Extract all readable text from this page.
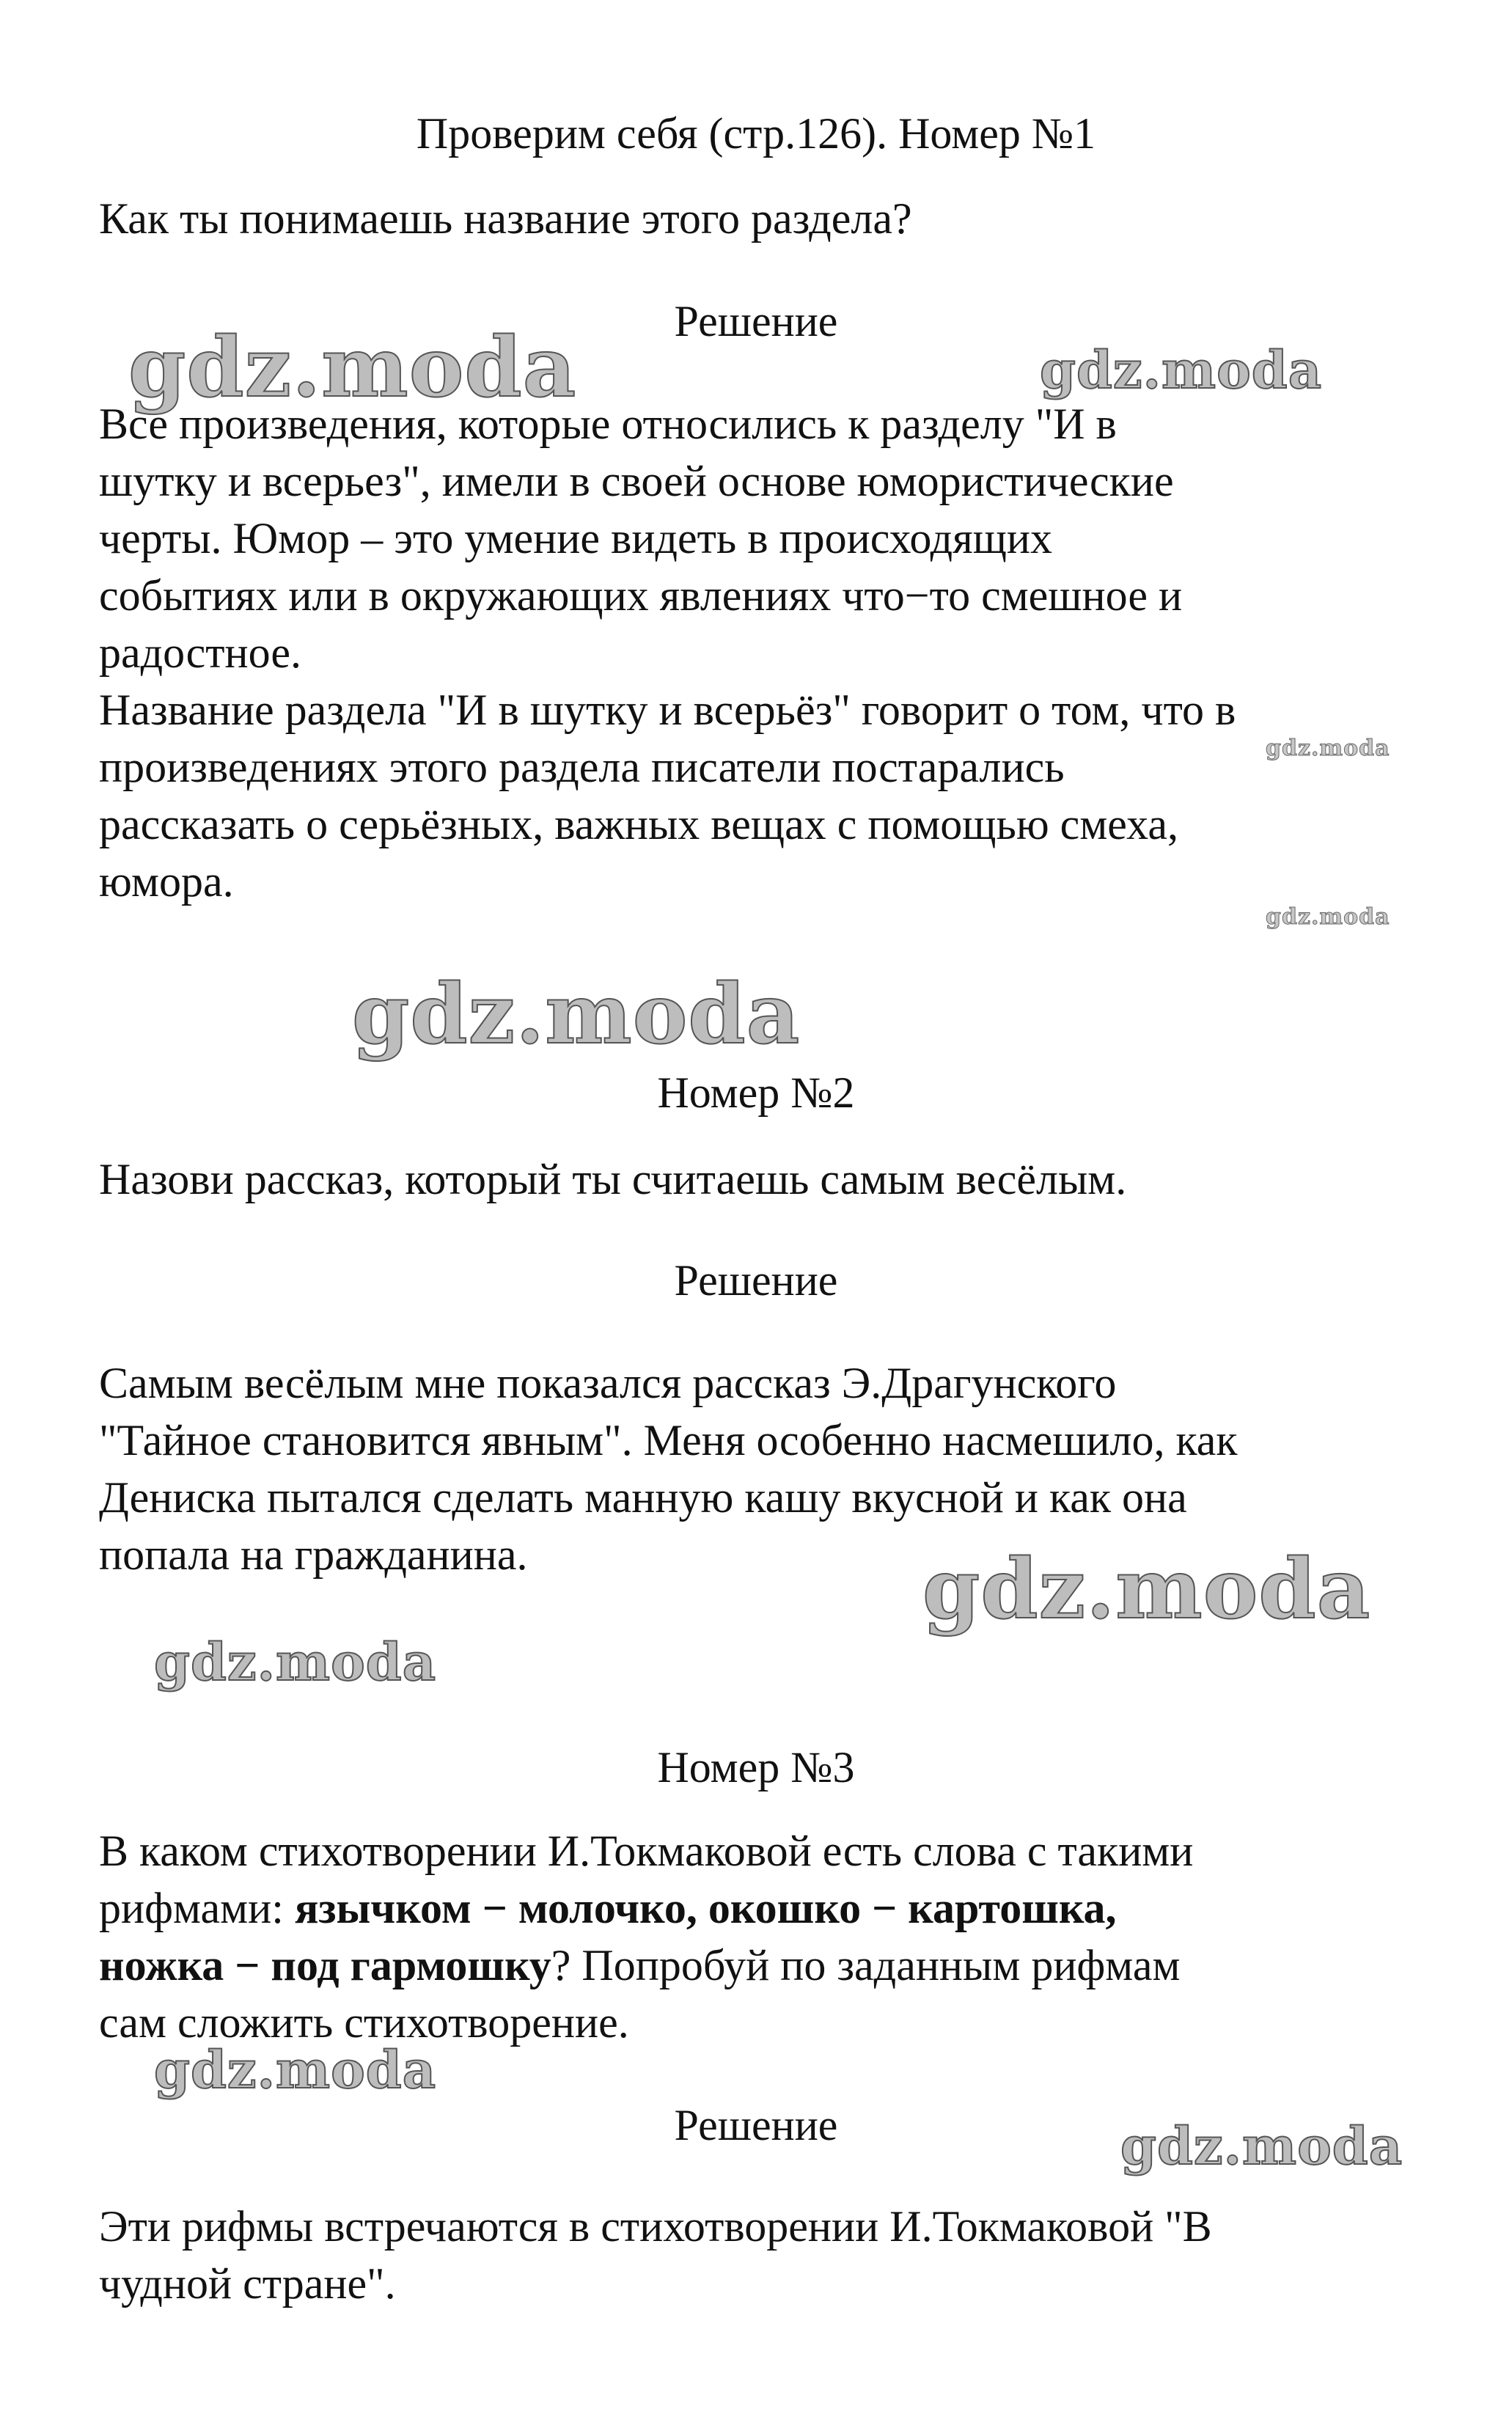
Проверим себя (стр.126). Номер №1
Как ты понимаешь название этого раздела?
Решение
Все произведения, которые относились к разделу "И в
шутку и всерьез", имели в своей основе юмористические
черты. Юмор – это умение видеть в происходящих
событиях или в окружающих явлениях что−то смешное и
радостное.
Название раздела "И в шутку и всерьёз" говорит о том, что в
произведениях этого раздела писатели постарались
рассказать о серьёзных, важных вещах с помощью смеха,
юмора.
Номер №2
Назови рассказ, который ты считаешь самым весёлым.
Решение
Самым весёлым мне показался рассказ Э.Драгунского
"Тайное становится явным". Меня особенно насмешило, как
Дениска пытался сделать манную кашу вкусной и как она
попала на гражданина.
Номер №3
В каком стихотворении И.Токмаковой есть слова с такими
рифмами: язычком − молочко, окошко − картошка,
ножка − под гармошку? Попробуй по заданным рифмам
сам сложить стихотворение.
Решение
Эти рифмы встречаются в стихотворении И.Токмаковой "В
чудной стране".
gdz.moda	gdz.moda
gdz.moda
gdz.moda
gdz.moda
gdz.moda
gdz.moda
gdz.moda
gdz.moda
